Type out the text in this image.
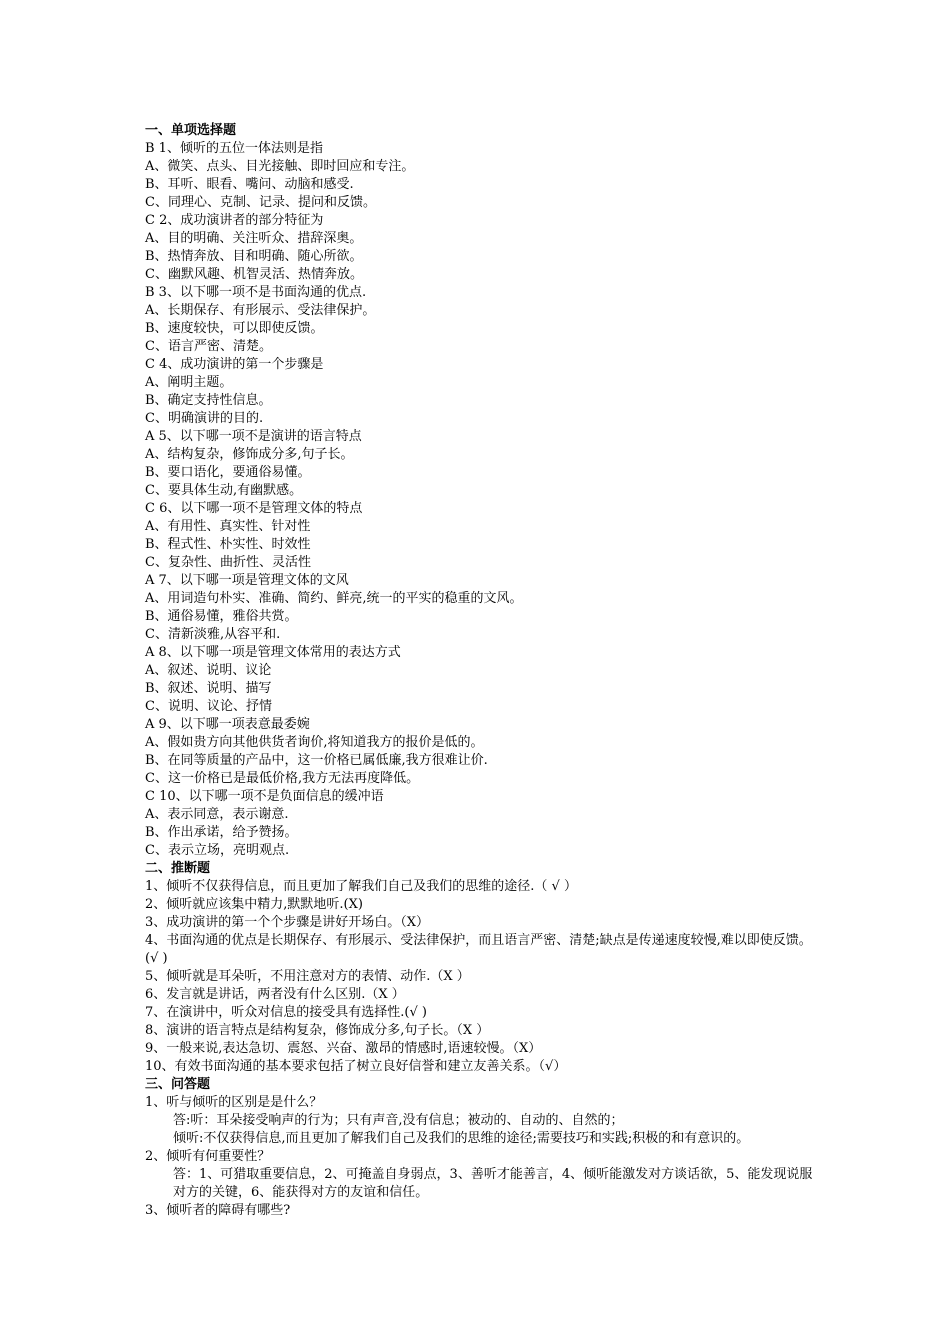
一、单项选择题
B 1、倾听的五位一体法则是指
A、微笑、点头、目光接触、即时回应和专注。
B、耳听、眼看、嘴问、动脑和感受.
C、同理心、克制、记录、提问和反馈。
C 2、成功演讲者的部分特征为
A、目的明确、关注听众、措辞深奥。
B、热情奔放、目和明确、随心所欲。
C、幽默风趣、机智灵活、热情奔放。
B 3、以下哪一项不是书面沟通的优点.
A、长期保存、有形展示、受法律保护。
B、速度较快，可以即使反馈。
C、语言严密、清楚。
C 4、成功演讲的第一个步骤是
A、阐明主题。
B、确定支持性信息。
C、明确演讲的目的.
A 5、以下哪一项不是演讲的语言特点
A、结构复杂，修饰成分多,句子长。
B、要口语化，要通俗易懂。
C、要具体生动,有幽默感。
C 6、以下哪一项不是管理文体的特点
A、有用性、真实性、针对性
B、程式性、朴实性、时效性
C、复杂性、曲折性、灵活性
A 7、以下哪一项是管理文体的文风
A、用词造句朴实、准确、简约、鲜亮,统一的平实的稳重的文风。
B、通俗易懂，雅俗共赏。
C、清新淡雅,从容平和.
A 8、以下哪一项是管理文体常用的表达方式
A、叙述、说明、议论
B、叙述、说明、描写
C、说明、议论、抒情
A 9、以下哪一项表意最委婉
A、假如贵方向其他供货者询价,将知道我方的报价是低的。
B、在同等质量的产品中，这一价格已属低廉,我方很难让价.
C、这一价格已是最低价格,我方无法再度降低。
C 10、以下哪一项不是负面信息的缓冲语
A、表示同意，表示谢意.
B、作出承诺，给予赞扬。
C、表示立场，亮明观点.
二、推断题
1、倾听不仅获得信息，而且更加了解我们自己及我们的思维的途径.（ √ ）
2、倾听就应该集中精力,默默地听.(X)
3、成功演讲的第一个个步骤是讲好开场白。（X）
4、书面沟通的优点是长期保存、有形展示、受法律保护，而且语言严密、清楚;缺点是传递速度较慢,难以即使反馈。(√ )
5、倾听就是耳朵听，不用注意对方的表情、动作.（X ）
6、发言就是讲话，两者没有什么区别.（X ）
7、在演讲中，听众对信息的接受具有选择性.(√ )
8、演讲的语言特点是结构复杂，修饰成分多,句子长。（X ）
9、一般来说,表达急切、震怒、兴奋、激昂的情感时,语速较慢。（X）
10、有效书面沟通的基本要求包括了树立良好信誉和建立友善关系。（√）
三、问答题
1、听与倾听的区别是是什么？
答:听：耳朵接受响声的行为；只有声音,没有信息；被动的、自动的、自然的；
倾听:不仅获得信息,而且更加了解我们自己及我们的思维的途径;需要技巧和实践;积极的和有意识的。
2、倾听有何重要性？
答：1、可猎取重要信息，2、可掩盖自身弱点，3、善听才能善言，4、倾听能激发对方谈话欲，5、能发现说服对方的关键，6、能获得对方的友谊和信任。
3、倾听者的障碍有哪些?
